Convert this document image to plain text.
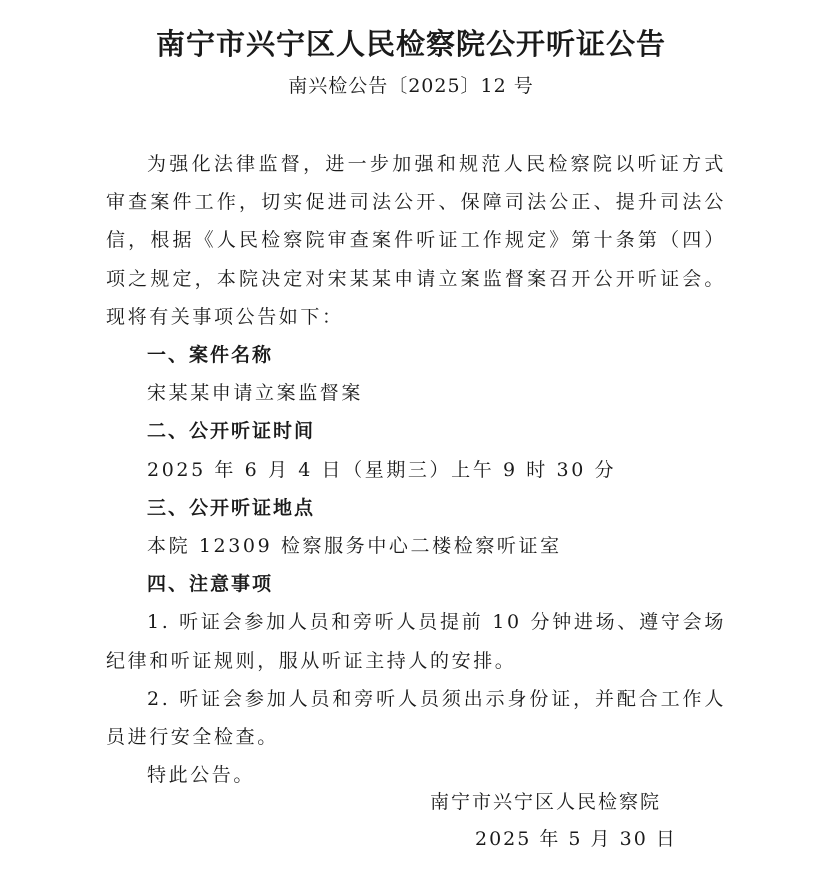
南宁市兴宁区人民检察院公开听证公告
南兴检公告〔2025〕12 号

为强化法律监督，进一步加强和规范人民检察院以听证方式审查案件工作，切实促进司法公开、保障司法公正、提升司法公信，根据《人民检察院审查案件听证工作规定》第十条第（四）项之规定，本院决定对宋某某申请立案监督案召开公开听证会。现将有关事项公告如下：

一、案件名称

宋某某申请立案监督案

二、公开听证时间

2025 年 6 月 4 日（星期三）上午 9 时 30 分

三、公开听证地点

本院 12309 检察服务中心二楼检察听证室

四、注意事项

1. 听证会参加人员和旁听人员提前 10 分钟进场、遵守会场纪律和听证规则，服从听证主持人的安排。

2. 听证会参加人员和旁听人员须出示身份证，并配合工作人员进行安全检查。

特此公告。

南宁市兴宁区人民检察院
2025 年 5 月 30 日
